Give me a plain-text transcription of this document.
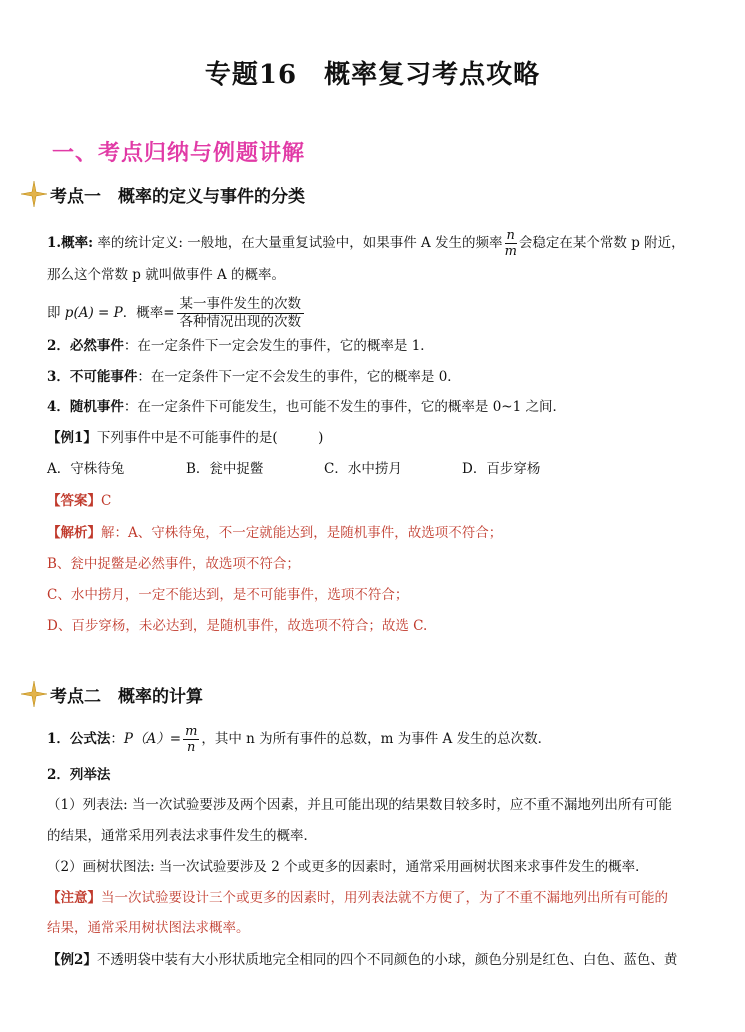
专题16　概率复习考点攻略
一、考点归纳与例题讲解
考点一　概率的定义与事件的分类
1.概率: 率的统计定义: 一般地，在大量重复试验中，如果事件 A 发生的频率 $\frac{n}{m}$ 会稳定在某个常数 p 附近，
那么这个常数 p 就叫做事件 A 的概率。
即 p(A) = P．概率=
某一事件发生的次数
各种情况出现的次数
2．必然事件：在一定条件下一定会发生的事件，它的概率是 1．
3．不可能事件：在一定条件下一定不会发生的事件，它的概率是 0．
4．随机事件：在一定条件下可能发生，也可能不发生的事件，它的概率是 0~1 之间．
【例1】下列事件中是不可能事件的是(　　　)
A．守株待兔	B．瓮中捉鳖	C．水中捞月	D．百步穿杨
【答案】C
【解析】解：A、守株待兔，不一定就能达到，是随机事件，故选项不符合；
B、瓮中捉鳖是必然事件，故选项不符合；
C、水中捞月，一定不能达到，是不可能事件，选项不符合；
D、百步穿杨，未必达到，是随机事件，故选项不符合；故选 C.
考点二　概率的计算
1．公式法：$P(A)= \frac{m}{n}$ ，其中 n 为所有事件的总数，m 为事件 A 发生的总次数．
2．列举法
（1）列表法: 当一次试验要涉及两个因素，并且可能出现的结果数目较多时，应不重不漏地列出所有可能
的结果，通常采用列表法求事件发生的概率．
（2）画树状图法: 当一次试验要涉及 2 个或更多的因素时，通常采用画树状图来求事件发生的概率．
【注意】当一次试验要设计三个或更多的因素时，用列表法就不方便了，为了不重不漏地列出所有可能的
结果，通常采用树状图法求概率。
【例2】不透明袋中装有大小形状质地完全相同的四个不同颜色的小球，颜色分别是红色、白色、蓝色、黄
